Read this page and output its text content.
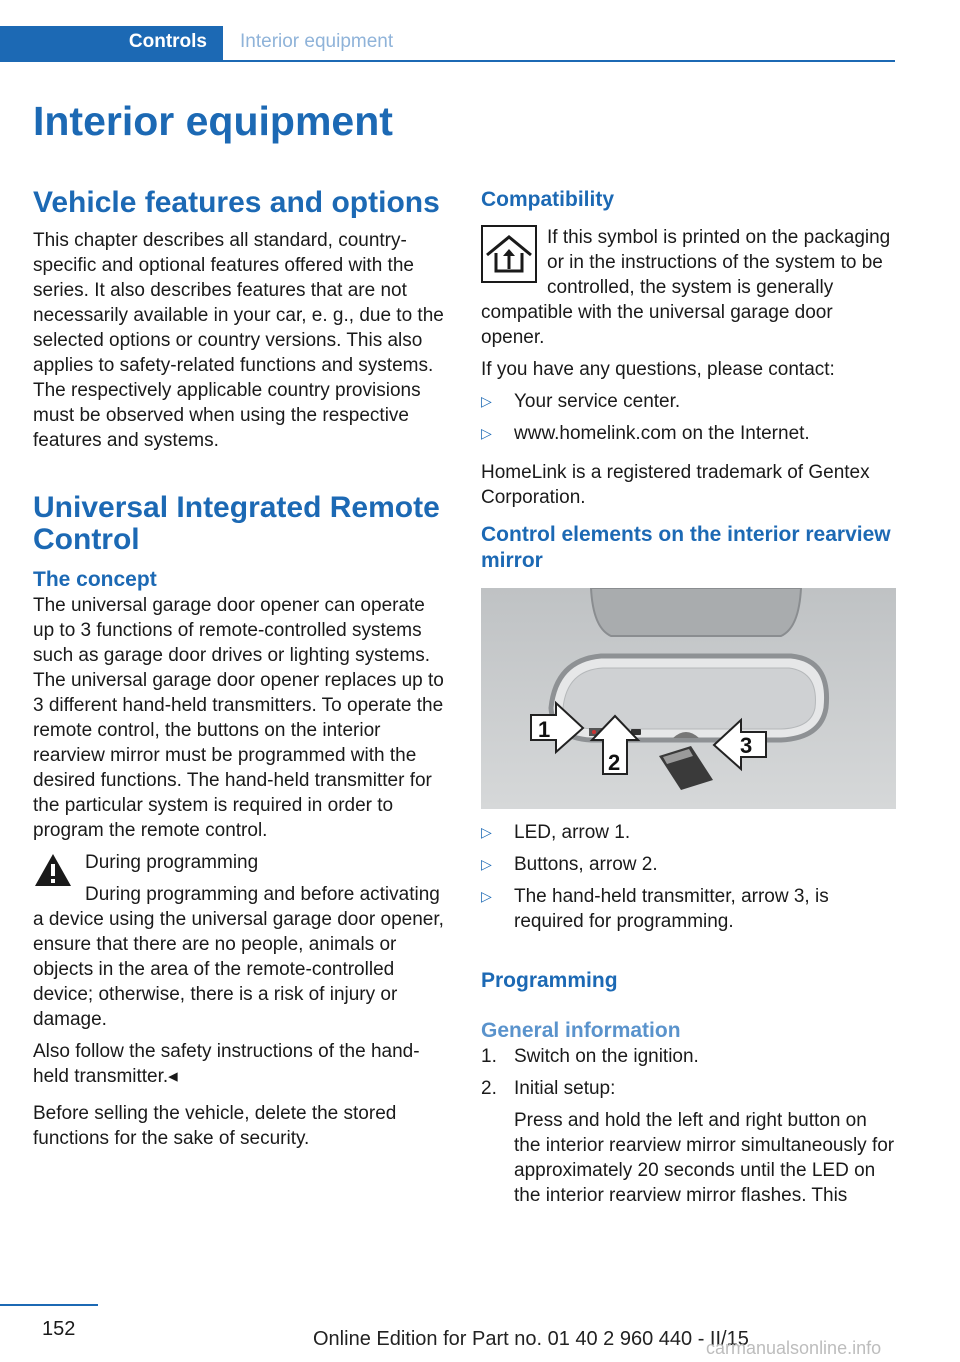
Controls Interior equipment
Interior equipment
Vehicle features and options

This chapter describes all standard, country-specific and optional features offered with the series. It also describes features that are not necessarily available in your car, e. g., due to the selected options or country versions. This also applies to safety-related functions and systems. The respectively applicable country provisions must be observed when using the respective features and systems.

Universal Integrated Remote Control
The concept

The universal garage door opener can operate up to 3 functions of remote-controlled systems such as garage door drives or lighting systems. The universal garage door opener replaces up to 3 different hand-held transmitters. To operate the remote control, the buttons on the interior rearview mirror must be programmed with the desired functions. The hand-held transmitter for the particular system is required in order to program the remote control.

During programming

During programming and before activating a device using the universal garage door opener, ensure that there are no people, animals or objects in the area of the remote-controlled device; otherwise, there is a risk of injury or damage.

Also follow the safety instructions of the hand-held transmitter.◂

Before selling the vehicle, delete the stored functions for the sake of security.

Compatibility

If this symbol is printed on the packaging or in the instructions of the system to be controlled, the system is generally compatible with the universal garage door opener.

If you have any questions, please contact:

▷ Your service center.
▷ www.homelink.com on the Internet.

HomeLink is a registered trademark of Gentex Corporation.

Control elements on the interior rearview mirror
1
2
3
▷ LED, arrow 1.
▷ Buttons, arrow 2.
▷ The hand-held transmitter, arrow 3, is required for programming.
Programming
General information
1. Switch on the ignition.
2. Initial setup:

Press and hold the left and right button on the interior rearview mirror simultaneously for approximately 20 seconds until the LED on the interior rearview mirror flashes. This

152	Online Edition for Part no. 01 40 2 960 440 - II/15
carmanualsonline.info
